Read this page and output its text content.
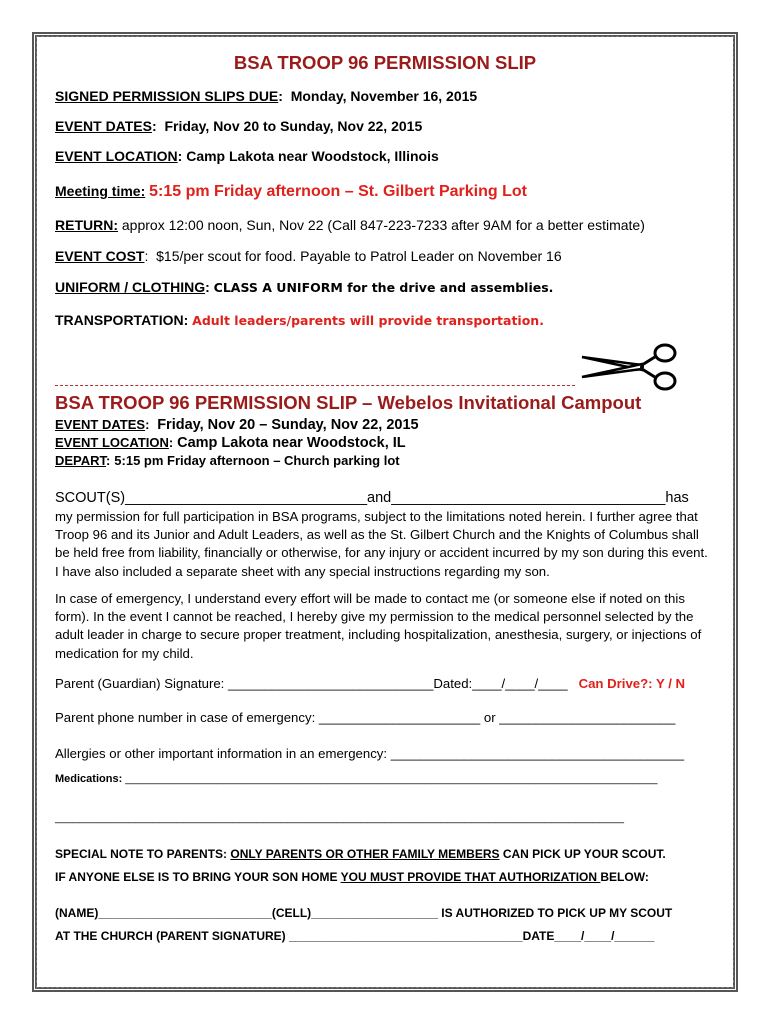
BSA TROOP 96 PERMISSION SLIP
SIGNED PERMISSION SLIPS DUE:  Monday, November 16, 2015
EVENT DATES:  Friday, Nov 20 to Sunday, Nov 22, 2015
EVENT LOCATION: Camp Lakota near Woodstock, Illinois
Meeting time: 5:15 pm Friday afternoon – St. Gilbert Parking Lot
RETURN: approx 12:00 noon, Sun, Nov 22 (Call 847-223-7233 after 9AM for a better estimate)
EVENT COST:  $15/per scout for food. Payable to Patrol Leader on November 16
UNIFORM / CLOTHING: CLASS A UNIFORM for the drive and assemblies.
TRANSPORTATION: Adult leaders/parents will provide transportation.
BSA TROOP 96 PERMISSION SLIP – Webelos Invitational Campout
EVENT DATES: Friday, Nov 20 – Sunday, Nov 22, 2015
EVENT LOCATION: Camp Lakota near Woodstock, IL
DEPART: 5:15 pm Friday afternoon – Church parking lot
SCOUT(S)______________________________and__________________________________has
my permission for full participation in BSA programs, subject to the limitations noted herein. I further agree that Troop 96 and its Junior and Adult Leaders, as well as the St. Gilbert Church and the Knights of Columbus shall be held free from liability, financially or otherwise, for any injury or accident incurred by my son during this event. I have also included a separate sheet with any special instructions regarding my son.
In case of emergency, I understand every effort will be made to contact me (or someone else if noted on this form). In the event I cannot be reached, I hereby give my permission to the medical personnel selected by the adult leader in charge to secure proper treatment, including hospitalization, anesthesia, surgery, or injections of medication for my child.
Parent (Guardian) Signature: ____________________________Dated:____/____/____ Can Drive?: Y / N
Parent phone number in case of emergency: ______________________ or ________________________
Allergies or other important information in an emergency: ________________________________________
Medications: _______________________________________________________________________________________
_____________________________________________________________________________________________
SPECIAL NOTE TO PARENTS: ONLY PARENTS OR OTHER FAMILY MEMBERS CAN PICK UP YOUR SCOUT.
IF ANYONE ELSE IS TO BRING YOUR SON HOME YOU MUST PROVIDE THAT AUTHORIZATION BELOW:
(NAME)__________________________(CELL)___________________ IS AUTHORIZED TO PICK UP MY SCOUT
AT THE CHURCH (PARENT SIGNATURE) ___________________________________DATE____/____/______
